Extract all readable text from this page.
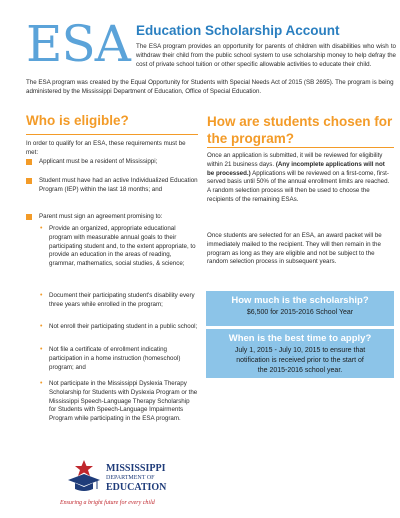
ESA Education Scholarship Account
The ESA program provides an opportunity for parents of children with disabilities who wish to withdraw their child from the public school system to use scholarship money to help defray the cost of private school tuition or other specific allowable activities to educate their child.
The ESA program was created by the Equal Opportunity for Students with Special Needs Act of 2015 (SB 2695). The program is being administered by the Mississippi Department of Education, Office of Special Education.
Who is eligible?
In order to qualify for an ESA, these requirements must be met:
Applicant must be a resident of Mississippi;
Student must have had an active Individualized Education Program (IEP) within the last 18 months; and
Parent must sign an agreement promising to:
• Provide an organized, appropriate educational program with measurable annual goals to their participating student and, to the extent appropriate, to provide an education in the areas of reading, grammar, mathematics, social studies, & science;
• Document their participating student's disability every three years while enrolled in the program;
• Not enroll their participating student in a public school;
• Not file a certificate of enrollment indicating participation in a home instruction (homeschool) program; and
• Not participate in the Mississippi Dyslexia Therapy Scholarship for Students with Dyslexia Program or the Mississippi Speech-Language Therapy Scholarship for Students with Speech-Language Impairments Program while participating in the ESA program.
How are students chosen for the program?
Once an application is submitted, it will be reviewed for eligibility within 21 business days. (Any incomplete applications will not be processed.) Applications will be reviewed on a first-come, first-served basis until 50% of the annual enrollment limits are reached. A random selection process will then be used to choose the recipients of the remaining ESAs.
Once students are selected for an ESA, an award packet will be immediately mailed to the recipient. They will then remain in the program as long as they are eligible and not be subject to the random selection process in subsequent years.
How much is the scholarship?
$6,500 for 2015-2016 School Year
When is the best time to apply?
July 1, 2015 - July 10, 2015 to ensure that
notification is received prior to the start of
the 2015-2016 school year.
MISSISSIPPI
DEPARTMENT OF
EDUCATION
Ensuring a bright future for every child
